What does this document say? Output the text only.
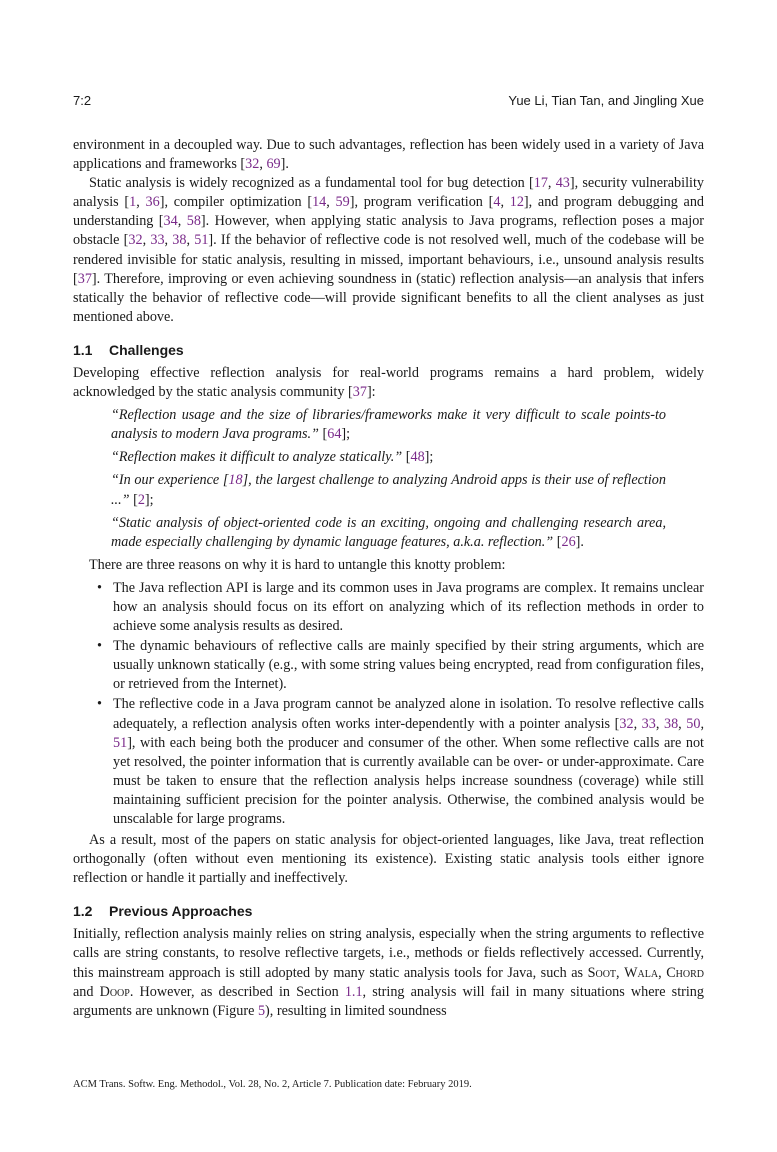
7:2	Yue Li, Tian Tan, and Jingling Xue

environment in a decoupled way. Due to such advantages, reflection has been widely used in a variety of Java applications and frameworks [32, 69].

Static analysis is widely recognized as a fundamental tool for bug detection [17, 43], security vulnerability analysis [1, 36], compiler optimization [14, 59], program verification [4, 12], and program debugging and understanding [34, 58]. However, when applying static analysis to Java programs, reflection poses a major obstacle [32, 33, 38, 51]. If the behavior of reflective code is not resolved well, much of the codebase will be rendered invisible for static analysis, resulting in missed, important behaviours, i.e., unsound analysis results [37]. Therefore, improving or even achieving soundness in (static) reflection analysis—an analysis that infers statically the behavior of reflective code—will provide significant benefits to all the client analyses as just mentioned above.

1.1 Challenges

Developing effective reflection analysis for real-world programs remains a hard problem, widely acknowledged by the static analysis community [37]:

“Reflection usage and the size of libraries/frameworks make it very difficult to scale points-to analysis to modern Java programs.” [64];

“Reflection makes it difficult to analyze statically.” [48];

“In our experience [18], the largest challenge to analyzing Android apps is their use of reflection ...” [2];

“Static analysis of object-oriented code is an exciting, ongoing and challenging research area, made especially challenging by dynamic language features, a.k.a. reflection.” [26].

There are three reasons on why it is hard to untangle this knotty problem:

• The Java reflection API is large and its common uses in Java programs are complex. It remains unclear how an analysis should focus on its effort on analyzing which of its reflection methods in order to achieve some analysis results as desired.
• The dynamic behaviours of reflective calls are mainly specified by their string arguments, which are usually unknown statically (e.g., with some string values being encrypted, read from configuration files, or retrieved from the Internet).
• The reflective code in a Java program cannot be analyzed alone in isolation. To resolve reflective calls adequately, a reflection analysis often works inter-dependently with a pointer analysis [32, 33, 38, 50, 51], with each being both the producer and consumer of the other. When some reflective calls are not yet resolved, the pointer information that is currently available can be over- or under-approximate. Care must be taken to ensure that the reflection analysis helps increase soundness (coverage) while still maintaining sufficient precision for the pointer analysis. Otherwise, the combined analysis would be unscalable for large programs.

As a result, most of the papers on static analysis for object-oriented languages, like Java, treat reflection orthogonally (often without even mentioning its existence). Existing static analysis tools either ignore reflection or handle it partially and ineffectively.

1.2 Previous Approaches

Initially, reflection analysis mainly relies on string analysis, especially when the string arguments to reflective calls are string constants, to resolve reflective targets, i.e., methods or fields reflectively accessed. Currently, this mainstream approach is still adopted by many static analysis tools for Java, such as Soot, Wala, Chord and Doop. However, as described in Section 1.1, string analysis will fail in many situations where string arguments are unknown (Figure 5), resulting in limited soundness

ACM Trans. Softw. Eng. Methodol., Vol. 28, No. 2, Article 7. Publication date: February 2019.
